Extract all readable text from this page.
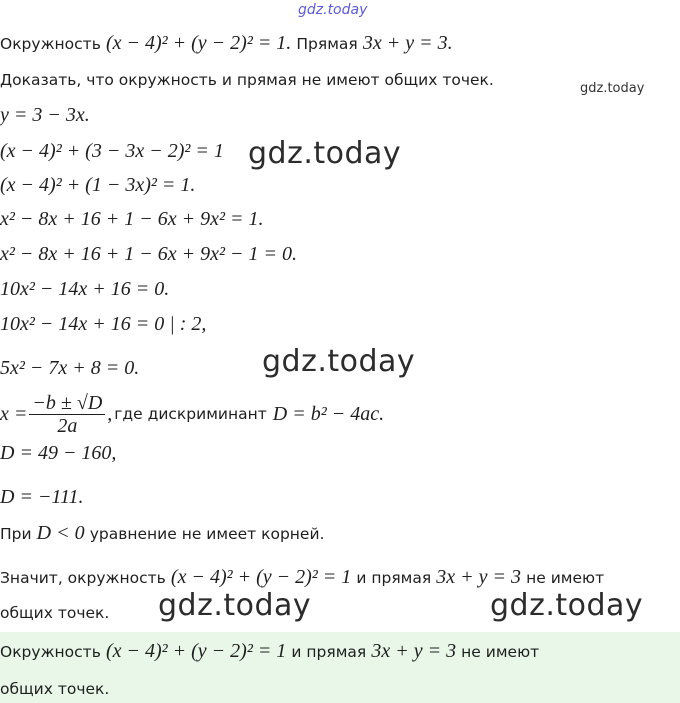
gdz.today
Окружность (x − 4)² + (y − 2)² = 1. Прямая 3x + y = 3.
Доказать, что окружность и прямая не имеют общих точек.	gdz.today
y = 3 − 3x.
(x − 4)² + (3 − 3x − 2)² = 1 gdz.today
(x − 4)² + (1 − 3x)² = 1.
x² − 8x + 16 + 1 − 6x + 9x² = 1.
x² − 8x + 16 + 1 − 6x + 9x² − 1 = 0.
10x² − 14x + 16 = 0.
10x² − 14x + 16 = 0 | : 2,
gdz.today
5x² − 7x + 8 = 0.
$x = \frac{-b \pm √D}{2a}$ , где дискриминант D = b² − 4ac.
D = 49 − 160,
D = −111.
При D < 0 уравнение не имеет корней.
Значит, окружность (x − 4)² + (y − 2)² = 1 и прямая 3x + y = 3 не имеют
общих точек. gdz.today	gdz.today
Окружность (x − 4)² + (y − 2)² = 1 и прямая 3x + y = 3 не имеют
общих точек.
